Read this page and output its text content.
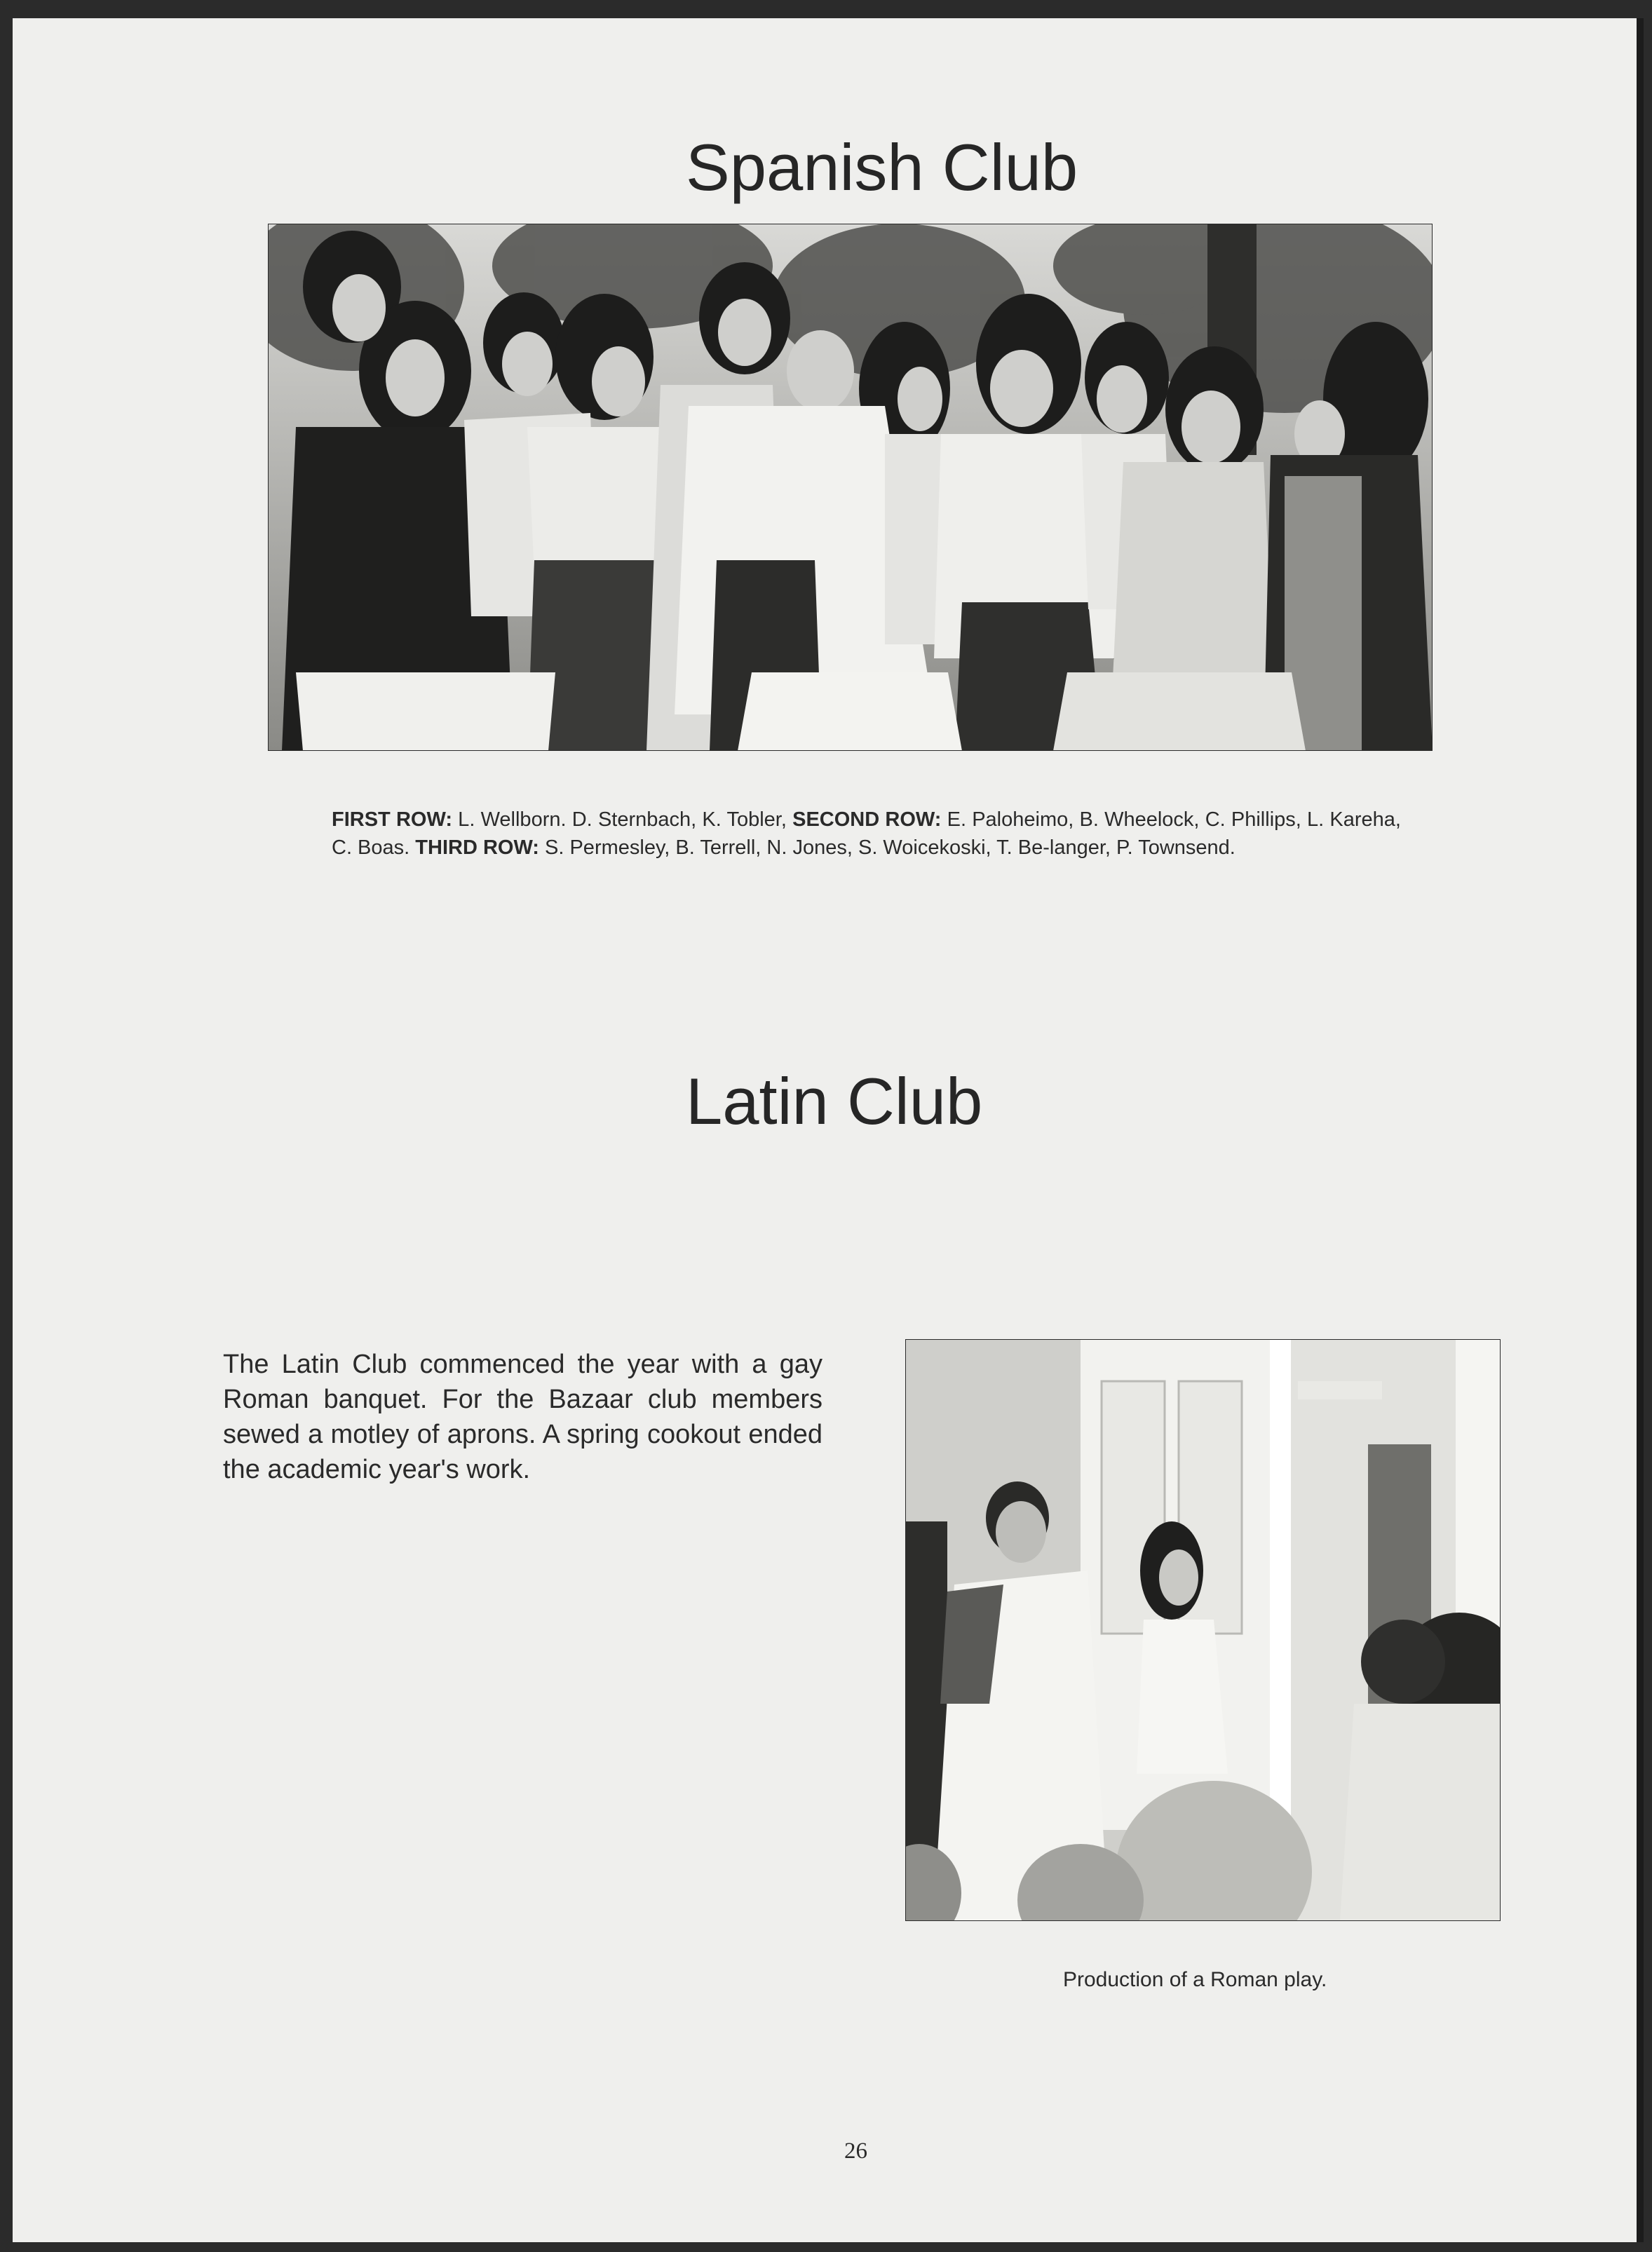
Spanish Club

FIRST ROW: L. Wellborn. D. Sternbach, K. Tobler, SECOND ROW: E. Paloheimo, B. Wheelock, C. Phillips, L. Kareha, C. Boas. THIRD ROW: S. Permesley, B. Terrell, N. Jones, S. Woicekoski, T. Be-langer, P. Townsend.

Latin Club

The Latin Club commenced the year with a gay Roman banquet. For the Bazaar club members sewed a motley of aprons. A spring cookout ended the academic year's work.

Production of a Roman play.

26
